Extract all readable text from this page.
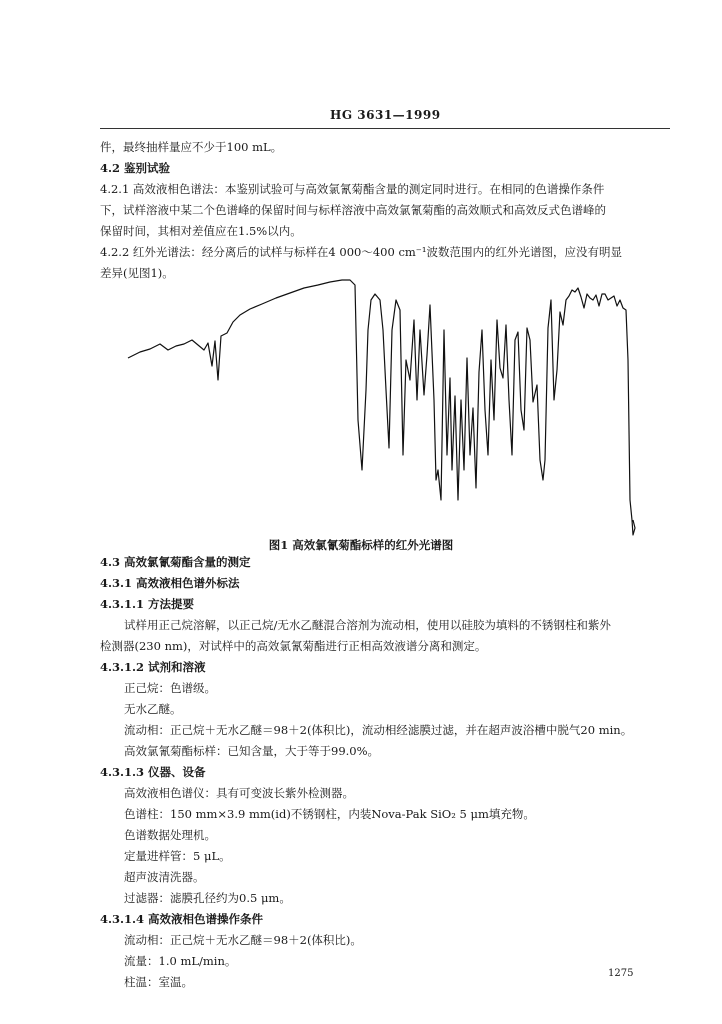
HG 3631—1999
件，最终抽样量应不少于100 mL。
4.2 鉴别试验
4.2.1 高效液相色谱法：本鉴别试验可与高效氯氰菊酯含量的测定同时进行。在相同的色谱操作条件
下，试样溶液中某二个色谱峰的保留时间与标样溶液中高效氯氰菊酯的高效顺式和高效反式色谱峰的
保留时间，其相对差值应在1.5%以内。
4.2.2 红外光谱法：经分离后的试样与标样在4 000～400 cm⁻¹波数范围内的红外光谱图，应没有明显
差异(见图1)。
图1 高效氯氰菊酯标样的红外光谱图
4.3 高效氯氰菊酯含量的测定
4.3.1 高效液相色谱外标法
4.3.1.1 方法提要
试样用正己烷溶解，以正己烷/无水乙醚混合溶剂为流动相，使用以硅胶为填料的不锈钢柱和紫外
检测器(230 nm)，对试样中的高效氯氰菊酯进行正相高效液谱分离和测定。
4.3.1.2 试剂和溶液
正己烷：色谱级。
无水乙醚。
流动相：正己烷＋无水乙醚＝98＋2(体积比)，流动相经滤膜过滤，并在超声波浴槽中脱气20 min。
高效氯氰菊酯标样：已知含量，大于等于99.0%。
4.3.1.3 仪器、设备
高效液相色谱仪：具有可变波长紫外检测器。
色谱柱：150 mm×3.9 mm(id)不锈钢柱，内装Nova-Pak SiO₂ 5 μm填充物。
色谱数据处理机。
定量进样管：5 μL。
超声波清洗器。
过滤器：滤膜孔径约为0.5 μm。
4.3.1.4 高效液相色谱操作条件
流动相：正己烷＋无水乙醚＝98＋2(体积比)。
流量：1.0 mL/min。
柱温：室温。
1275
